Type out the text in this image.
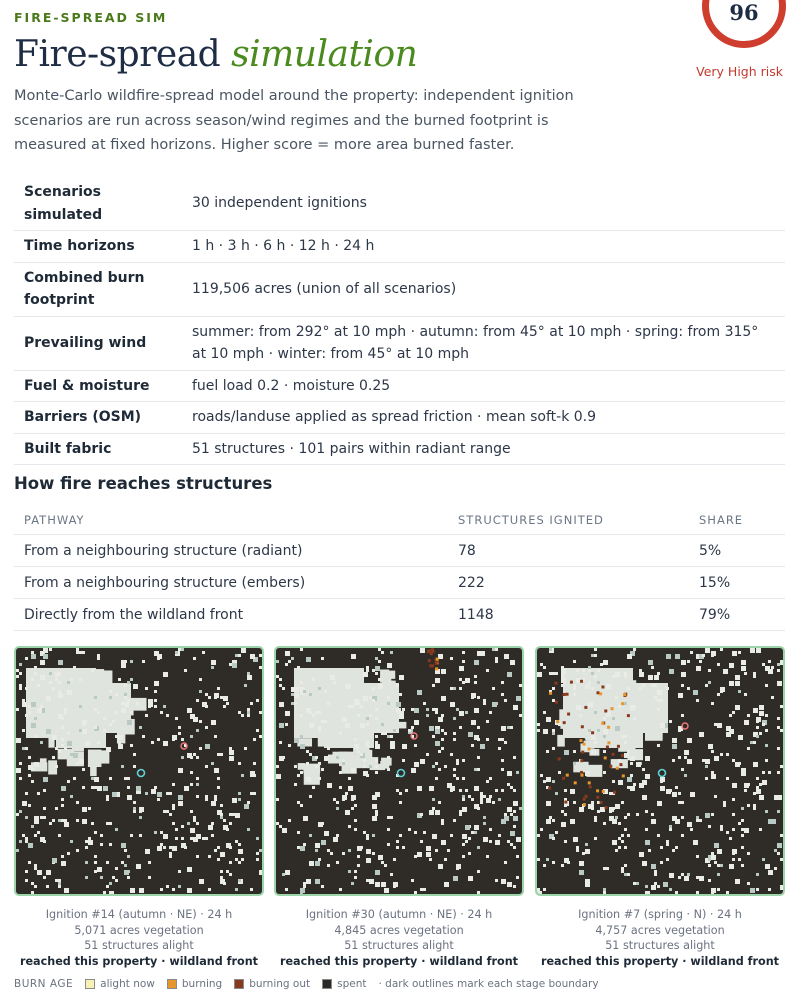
FIRE-SPREAD SIM
Fire-spread simulation
96
Very High risk

Monte-Carlo wildfire-spread model around the property: independent ignition scenarios are run across season/wind regimes and the burned footprint is measured at fixed horizons. Higher score = more area burned faster.

Scenarios simulated	30 independent ignitions
Time horizons	1 h · 3 h · 6 h · 12 h · 24 h
Combined burn footprint	119,506 acres (union of all scenarios)
Prevailing wind	summer: from 292° at 10 mph · autumn: from 45° at 10 mph · spring: from 315° at 10 mph · winter: from 45° at 10 mph
Fuel & moisture	fuel load 0.2 · moisture 0.25
Barriers (OSM)	roads/landuse applied as spread friction · mean soft-k 0.9
Built fabric	51 structures · 101 pairs within radiant range
How fire reaches structures
PATHWAY	STRUCTURES IGNITED	SHARE
From a neighbouring structure (radiant)	78	5%
From a neighbouring structure (embers)	222	15%
Directly from the wildland front	1148	79%
Ignition #14 (autumn · NE) · 24 h
5,071 acres vegetation
51 structures alight
reached this property · wildland front
Ignition #30 (autumn · NE) · 24 h
4,845 acres vegetation
51 structures alight
reached this property · wildland front
Ignition #7 (spring · N) · 24 h
4,757 acres vegetation
51 structures alight
reached this property · wildland front
BURN AGE	alight now	burning	burning out	spent · dark outlines mark each stage boundary
